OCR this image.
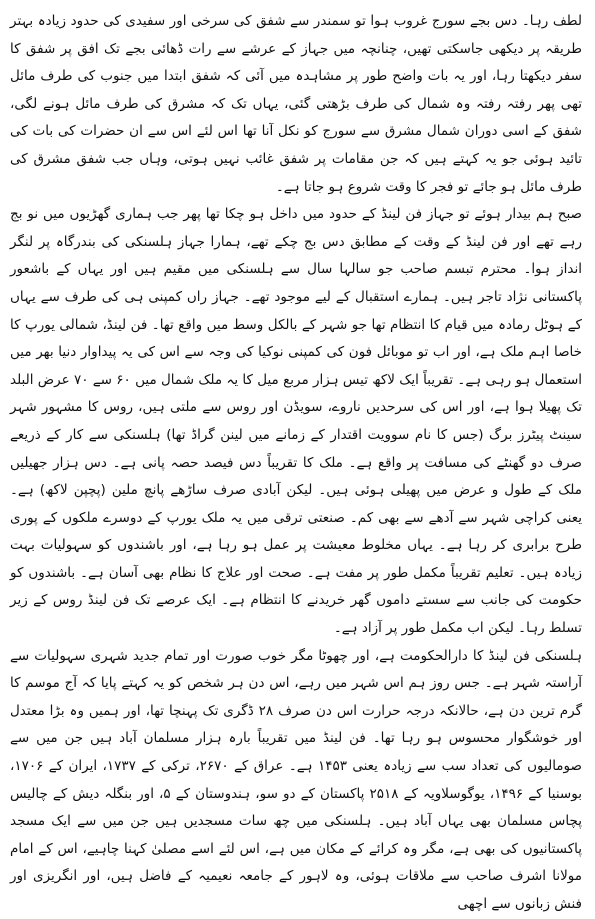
لطف رہا۔ دس بجے سورج غروب ہوا تو سمندر سے شفق کی سرخی اور سفیدی کی حدود زیادہ بہتر طریقہ پر دیکھی جاسکتی تھیں، چنانچہ میں جہاز کے عرشے سے رات ڈھائی بجے تک افق پر شفق کا سفر دیکھتا رہا، اور یہ بات واضح طور پر مشاہدہ میں آئی کہ شفق ابتدا میں جنوب کی طرف مائل تھی پھر رفتہ رفتہ وہ شمال کی طرف بڑھتی گئی، یہاں تک کہ مشرق کی طرف مائل ہونے لگی، شفق کے اسی دوران شمال مشرق سے سورج کو نکل آنا تھا اس لئے اس سے ان حضرات کی بات کی تائید ہوئی جو یہ کہتے ہیں کہ جن مقامات پر شفق غائب نہیں ہوتی، وہاں جب شفق مشرق کی طرف مائل ہو جائے تو فجر کا وقت شروع ہو جاتا ہے۔

صبح ہم بیدار ہوئے تو جہاز فن لینڈ کے حدود میں داخل ہو چکا تھا پھر جب ہماری گھڑیوں میں نو بج رہے تھے اور فن لینڈ کے وقت کے مطابق دس بج چکے تھے، ہمارا جہاز ہلسنکی کی بندرگاہ پر لنگر انداز ہوا۔ محترم تبسم صاحب جو سالہا سال سے ہلسنکی میں مقیم ہیں اور یہاں کے باشعور پاکستانی نژاد تاجر ہیں۔ ہمارے استقبال کے لیے موجود تھے۔ جہاز راں کمپنی ہی کی طرف سے یہاں کے ہوٹل رمادہ میں قیام کا انتظام تھا جو شہر کے بالکل وسط میں واقع تھا۔ فن لینڈ، شمالی یورپ کا خاصا اہم ملک ہے، اور اب تو موبائل فون کی کمپنی نوکیا کی وجہ سے اس کی یہ پیداوار دنیا بھر میں استعمال ہو رہی ہے۔ تقریباً ایک لاکھ تیس ہزار مربع میل کا یہ ملک شمال میں ۶۰ سے ۷۰ عرض البلد تک پھیلا ہوا ہے، اور اس کی سرحدیں ناروے، سویڈن اور روس سے ملتی ہیں، روس کا مشہور شہر سینٹ پیٹرز برگ (جس کا نام سوویت اقتدار کے زمانے میں لینن گراڈ تھا) ہلسنکی سے کار کے ذریعے صرف دو گھنٹے کی مسافت پر واقع ہے۔ ملک کا تقریباً دس فیصد حصہ پانی ہے۔ دس ہزار جھیلیں ملک کے طول و عرض میں پھیلی ہوئی ہیں۔ لیکن آبادی صرف ساڑھے پانچ ملین (پچپن لاکھ) ہے۔ یعنی کراچی شہر سے آدھے سے بھی کم۔ صنعتی ترقی میں یہ ملک یورپ کے دوسرے ملکوں کے پوری طرح برابری کر رہا ہے۔ یہاں مخلوط معیشت پر عمل ہو رہا ہے، اور باشندوں کو سہولیات بہت زیادہ ہیں۔ تعلیم تقریباً مکمل طور پر مفت ہے۔ صحت اور علاج کا نظام بھی آسان ہے۔ باشندوں کو حکومت کی جانب سے سستے داموں گھر خریدنے کا انتظام ہے۔ ایک عرصے تک فن لینڈ روس کے زیر تسلط رہا۔ لیکن اب مکمل طور پر آزاد ہے۔

ہلسنکی فن لینڈ کا دارالحکومت ہے، اور چھوٹا مگر خوب صورت اور تمام جدید شہری سہولیات سے آراستہ شہر ہے۔ جس روز ہم اس شہر میں رہے، اس دن ہر شخص کو یہ کہتے پایا کہ آج موسم کا گرم ترین دن ہے، حالانکہ درجہ حرارت اس دن صرف ۲۸ ڈگری تک پہنچا تھا، اور ہمیں وہ بڑا معتدل اور خوشگوار محسوس ہو رہا تھا۔ فن لینڈ میں تقریباً بارہ ہزار مسلمان آباد ہیں جن میں سے صومالیوں کی تعداد سب سے زیادہ یعنی ۱۴۵۳ ہے۔ عراق کے ۲۶۷۰، ترکی کے ۱۷۳۷، ایران کے ۱۷۰۶، بوسنیا کے ۱۴۹۶، یوگوسلاویہ کے ۲۵۱۸ پاکستان کے دو سو، ہندوستان کے ۵، اور بنگلہ دیش کے چالیس پچاس مسلمان بھی یہاں آباد ہیں۔ ہلسنکی میں چھ سات مسجدیں ہیں جن میں سے ایک مسجد پاکستانیوں کی بھی ہے، مگر وہ کرائے کے مکان میں ہے، اس لئے اسے مصلیٰ کہنا چاہیے، اس کے امام مولانا اشرف صاحب سے ملاقات ہوئی، وہ لاہور کے جامعہ نعیمیہ کے فاضل ہیں، اور انگریزی اور فنش زبانوں سے اچھی
